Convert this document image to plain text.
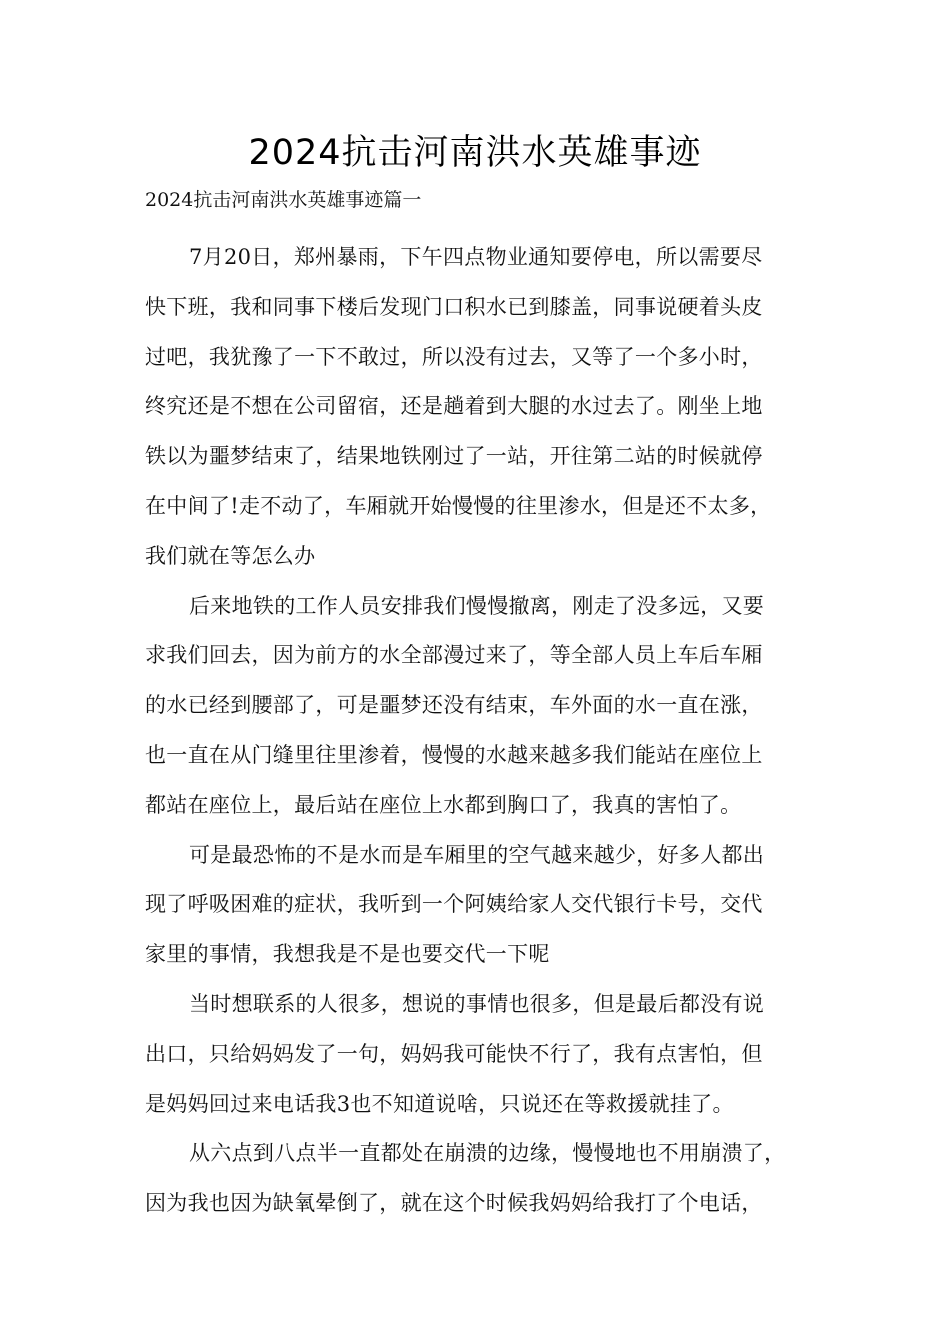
2024抗击河南洪水英雄事迹

2024抗击河南洪水英雄事迹篇一

7月20日，郑州暴雨，下午四点物业通知要停电，所以需要尽
快下班，我和同事下楼后发现门口积水已到膝盖，同事说硬着头皮
过吧，我犹豫了一下不敢过，所以没有过去，又等了一个多小时，
终究还是不想在公司留宿，还是趟着到大腿的水过去了。刚坐上地
铁以为噩梦结束了，结果地铁刚过了一站，开往第二站的时候就停
在中间了!走不动了，车厢就开始慢慢的往里渗水，但是还不太多，
我们就在等怎么办
后来地铁的工作人员安排我们慢慢撤离，刚走了没多远，又要
求我们回去，因为前方的水全部漫过来了，等全部人员上车后车厢
的水已经到腰部了，可是噩梦还没有结束，车外面的水一直在涨，
也一直在从门缝里往里渗着，慢慢的水越来越多我们能站在座位上
都站在座位上，最后站在座位上水都到胸口了，我真的害怕了。
可是最恐怖的不是水而是车厢里的空气越来越少，好多人都出
现了呼吸困难的症状，我听到一个阿姨给家人交代银行卡号，交代
家里的事情，我想我是不是也要交代一下呢
当时想联系的人很多，想说的事情也很多，但是最后都没有说
出口，只给妈妈发了一句，妈妈我可能快不行了，我有点害怕，但
是妈妈回过来电话我3也不知道说啥，只说还在等救援就挂了。
从六点到八点半一直都处在崩溃的边缘，慢慢地也不用崩溃了，
因为我也因为缺氧晕倒了，就在这个时候我妈妈给我打了个电话，
